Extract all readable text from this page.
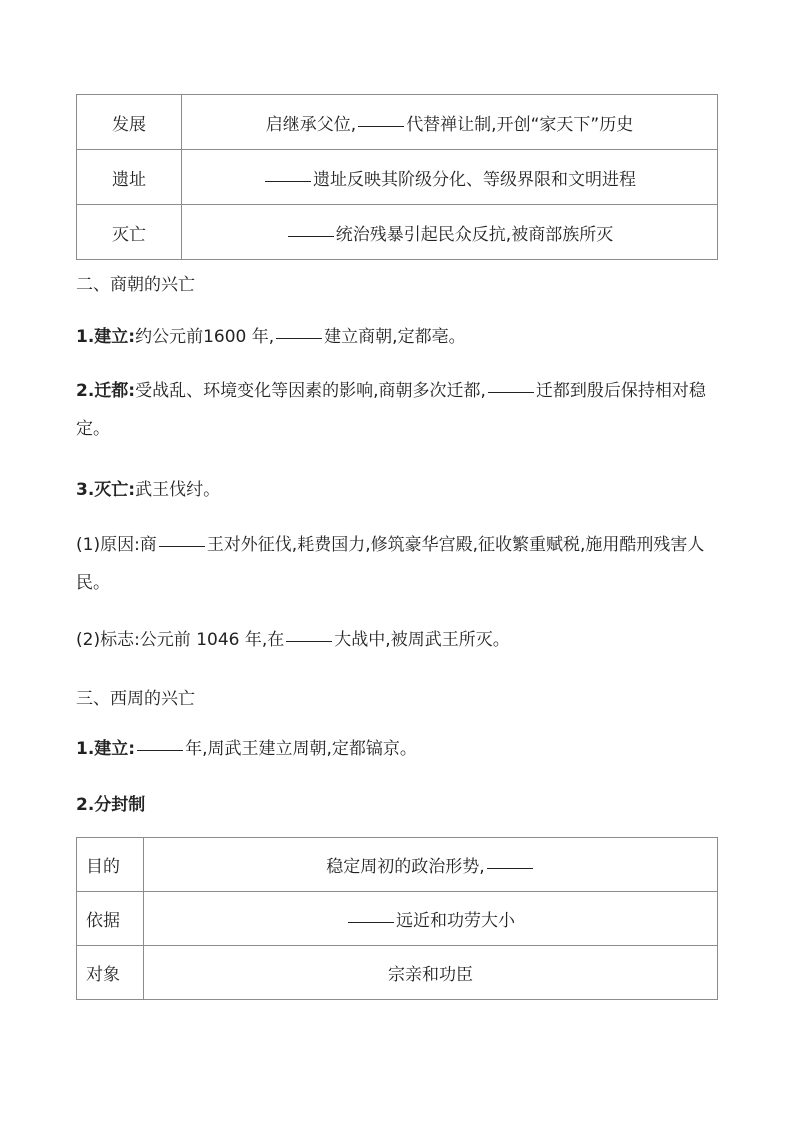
发展	启继承父位, 代替禅让制,开创“家天下”历史
遗址	遗址反映其阶级分化、等级界限和文明进程
灭亡	统治残暴引起民众反抗,被商部族所灭
二、商朝的兴亡
1.建立:约公元前1600 年,	建立商朝,定都亳。
2.迁都:受战乱、环境变化等因素的影响,商朝多次迁都,	迁都到殷后保持相对稳定。
3.灭亡:武王伐纣。
(1)原因:商	王对外征伐,耗费国力,修筑豪华宫殿,征收繁重赋税,施用酷刑残害人民。
(2)标志:公元前 1046 年,在	大战中,被周武王所灭。
三、西周的兴亡
1.建立:	年,周武王建立周朝,定都镐京。
2.分封制
目的	稳定周初的政治形势,
依据	远近和功劳大小
对象	宗亲和功臣
